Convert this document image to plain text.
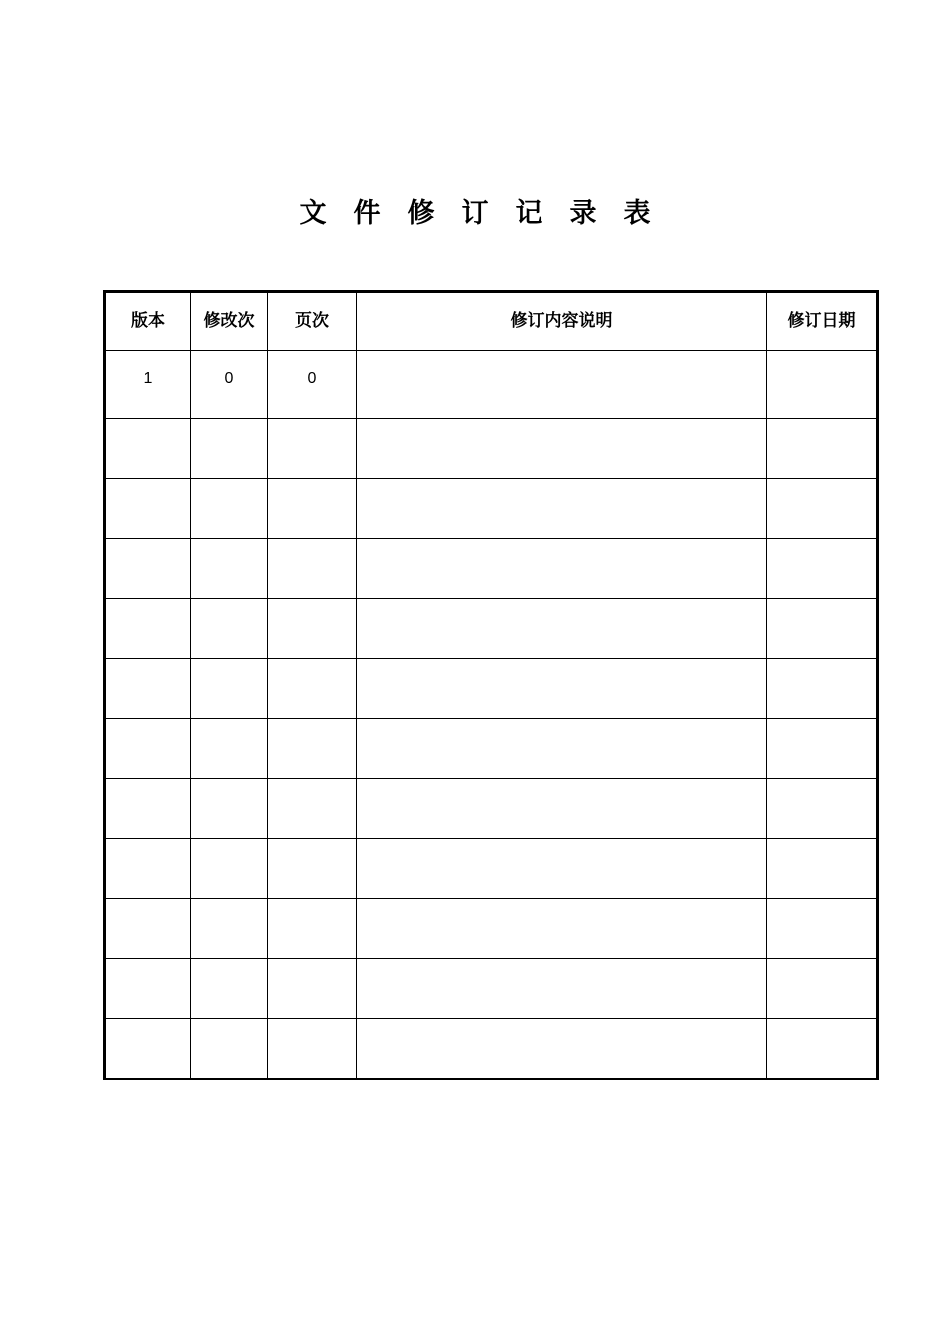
文件修订记录表
版本	修改次	页次	修订内容说明	修订日期
1	0	0		
